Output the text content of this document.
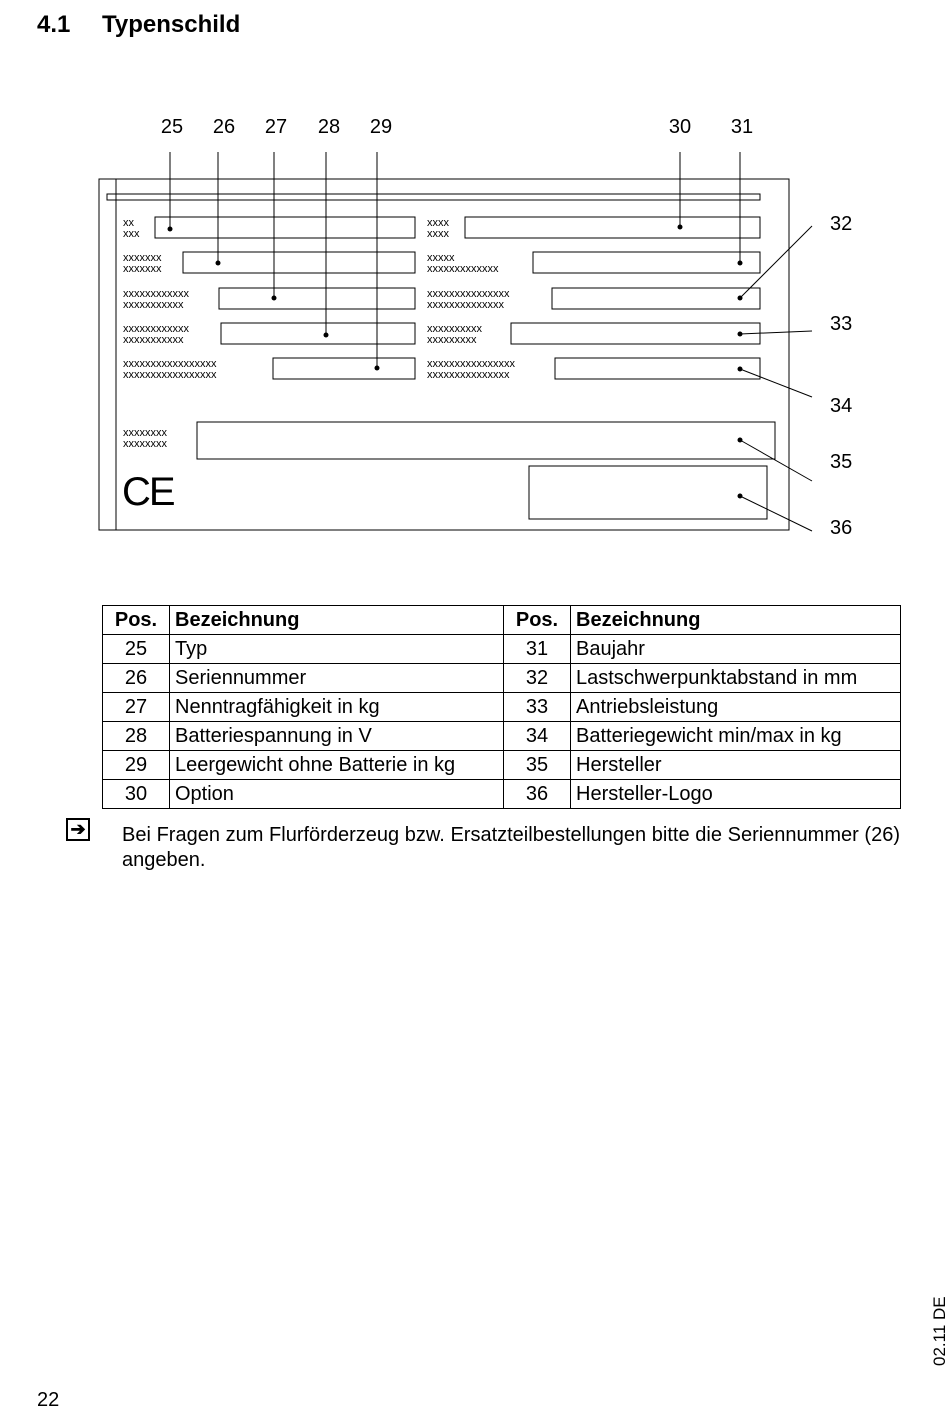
4.1 Typenschild
25 26 27 28 29	30 31
32
33
34
35
36
xx
xxx
xxxxxxx
xxxxxxx
xxxxxxxxxxxx
xxxxxxxxxxx
xxxxxxxxxxxx
xxxxxxxxxxx
xxxxxxxxxxxxxxxxx
xxxxxxxxxxxxxxxxx
xxxx
xxxx
xxxxx
xxxxxxxxxxxxx
xxxxxxxxxxxxxxx
xxxxxxxxxxxxxx
xxxxxxxxxx
xxxxxxxxx
xxxxxxxxxxxxxxxx
xxxxxxxxxxxxxxx
xxxxxxxx
xxxxxxxx
CE
Pos.	Bezeichnung	Pos.	Bezeichnung
25	Typ	31	Baujahr
26	Seriennummer	32	Lastschwerpunktabstand in mm
27	Nenntragfähigkeit in kg	33	Antriebsleistung
28	Batteriespannung in V	34	Batteriegewicht min/max in kg
29	Leergewicht ohne Batterie in kg	35	Hersteller
30	Option	36	Hersteller-Logo
➔ Bei Fragen zum Flurförderzeug bzw. Ersatzteilbestellungen bitte die Seriennummer (26) angeben.
22
02.11 DE
